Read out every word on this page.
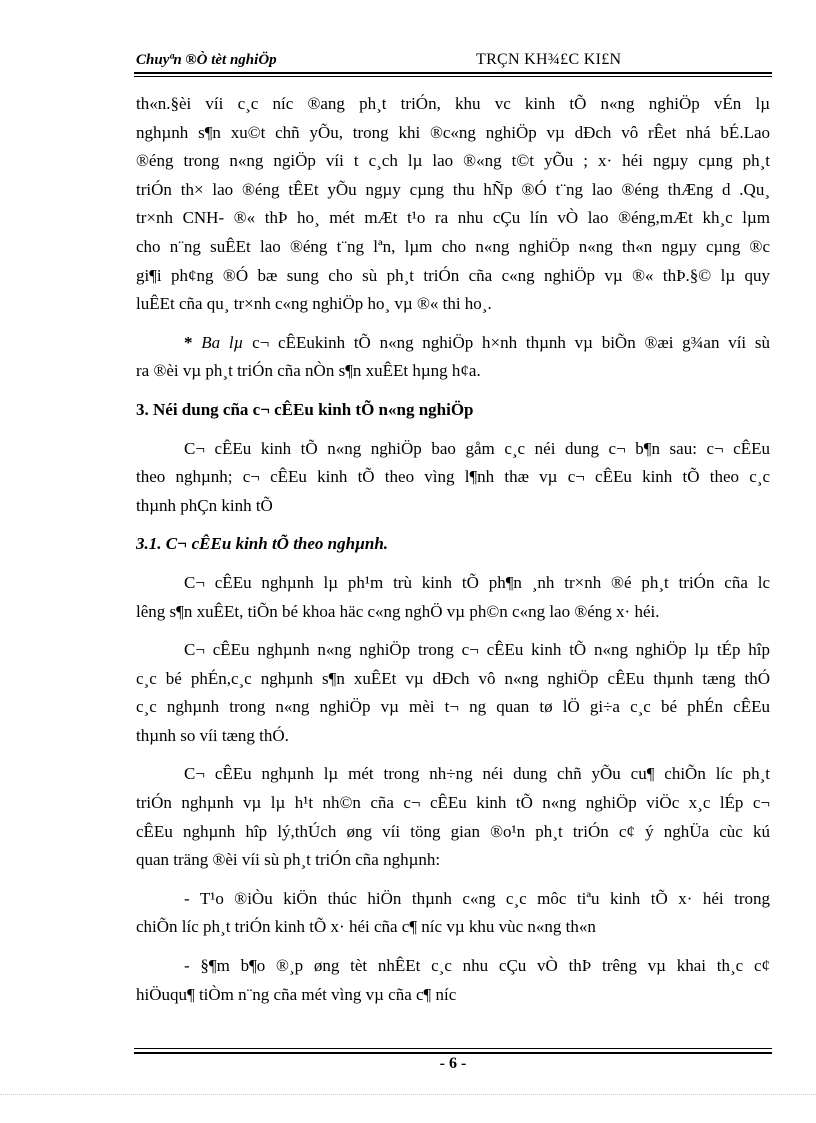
Chuyªn ®Ò tèt nghiÖp	TRÇN KH¾£C KI£N
th«n.§èi víi c¸c níc ®ang ph¸t triÓn, khu vc kinh tÕ n«ng nghiÖp vÉn lµ
nghµnh s¶n xu©t chñ yÕu, trong khi ®c«ng nghiÖp vµ dÐch vô rÊet nhá bÉ.Lao
®éng trong n«ng ngiÖp víi t c¸ch lµ lao ®«ng t©t yÕu ; x· héi ngµy cµng ph¸t
triÓn th× lao ®éng tÊEt yÕu ngµy cµng thu hÑp ®Ó t¨ng lao ®éng thÆng d .Qu¸
tr×nh CNH- ®« thÞ ho¸ mét mÆt t¹o ra nhu cÇu lín vÒ lao ®éng,mÆt kh¸c lµm
cho n¨ng suÊEt lao ®éng t¨ng lªn, lµm cho n«ng nghiÖp n«ng th«n ngµy cµng ®c
gi¶i ph¢ng ®Ó bæ sung cho sù ph¸t triÓn cña c«ng nghiÖp vµ ®« thÞ.§© lµ quy
luÊEt cña qu¸ tr×nh c«ng nghiÖp ho¸ vµ ®« thi ho¸.
* Ba lµ c¬ cÊEukinh tÕ n«ng nghiÖp h×nh thµnh vµ biÕn ®æi g¾an víi sù
ra ®èi vµ ph¸t triÓn cña nÒn s¶n xuÊEt hµng h¢a.
3. Néi dung cña c¬ cÊEu kinh tÕ n«ng nghiÖp
C¬ cÊEu kinh tÕ n«ng nghiÖp bao gåm c¸c néi dung c¬ b¶n sau: c¬ cÊEu
theo nghµnh; c¬ cÊEu kinh tÕ theo vìng l¶nh thæ vµ c¬ cÊEu kinh tÕ theo c¸c
thµnh phÇn kinh tÕ
3.1. C¬ cÊEu kinh tÕ theo nghµnh.
C¬ cÊEu nghµnh lµ ph¹m trù kinh tÕ ph¶n ¸nh tr×nh ®é ph¸t triÓn cña lc
lêng s¶n xuÊEt, tiÕn bé khoa häc c«ng nghÖ vµ ph©n c«ng lao ®éng x· héi.
C¬ cÊEu nghµnh n«ng nghiÖp trong c¬ cÊEu kinh tÕ n«ng nghiÖp lµ tÉp hîp
c¸c bé phÉn,c¸c nghµnh s¶n xuÊEt vµ dÐch vô n«ng nghiÖp cÊEu thµnh tæng thÓ
c¸c nghµnh trong n«ng nghiÖp vµ mèi t¬ ng quan tø lÖ gi÷a c¸c bé phÉn cÊEu
thµnh so víi tæng thÓ.
C¬ cÊEu nghµnh lµ mét trong nh÷ng néi dung chñ yÕu cu¶ chiÕn líc ph¸t
triÓn nghµnh vµ lµ h¹t nh©n cña c¬ cÊEu kinh tÕ n«ng nghiÖp viÖc x¸c lÉp c¬
cÊEu nghµnh hîp lý,thÚch øng víi töng gian ®o¹n ph¸t triÓn c¢ ý nghÜa cùc kú
quan träng ®èi víi sù ph¸t triÓn cña nghµnh:
- T¹o ®iÒu kiÖn thúc hiÖn thµnh c«ng c¸c môc tiªu kinh tÕ x· héi trong
chiÕn líc ph¸t triÓn kinh tÕ x· héi cña c¶ níc vµ khu vùc n«ng th«n
- §¶m b¶o ®¸p øng tèt nhÊEt c¸c nhu cÇu vÒ thÞ trêng vµ khai th¸c c¢
hiÖuqu¶ tiÒm n¨ng cña mét vìng vµ cña c¶ níc
- 6 -
